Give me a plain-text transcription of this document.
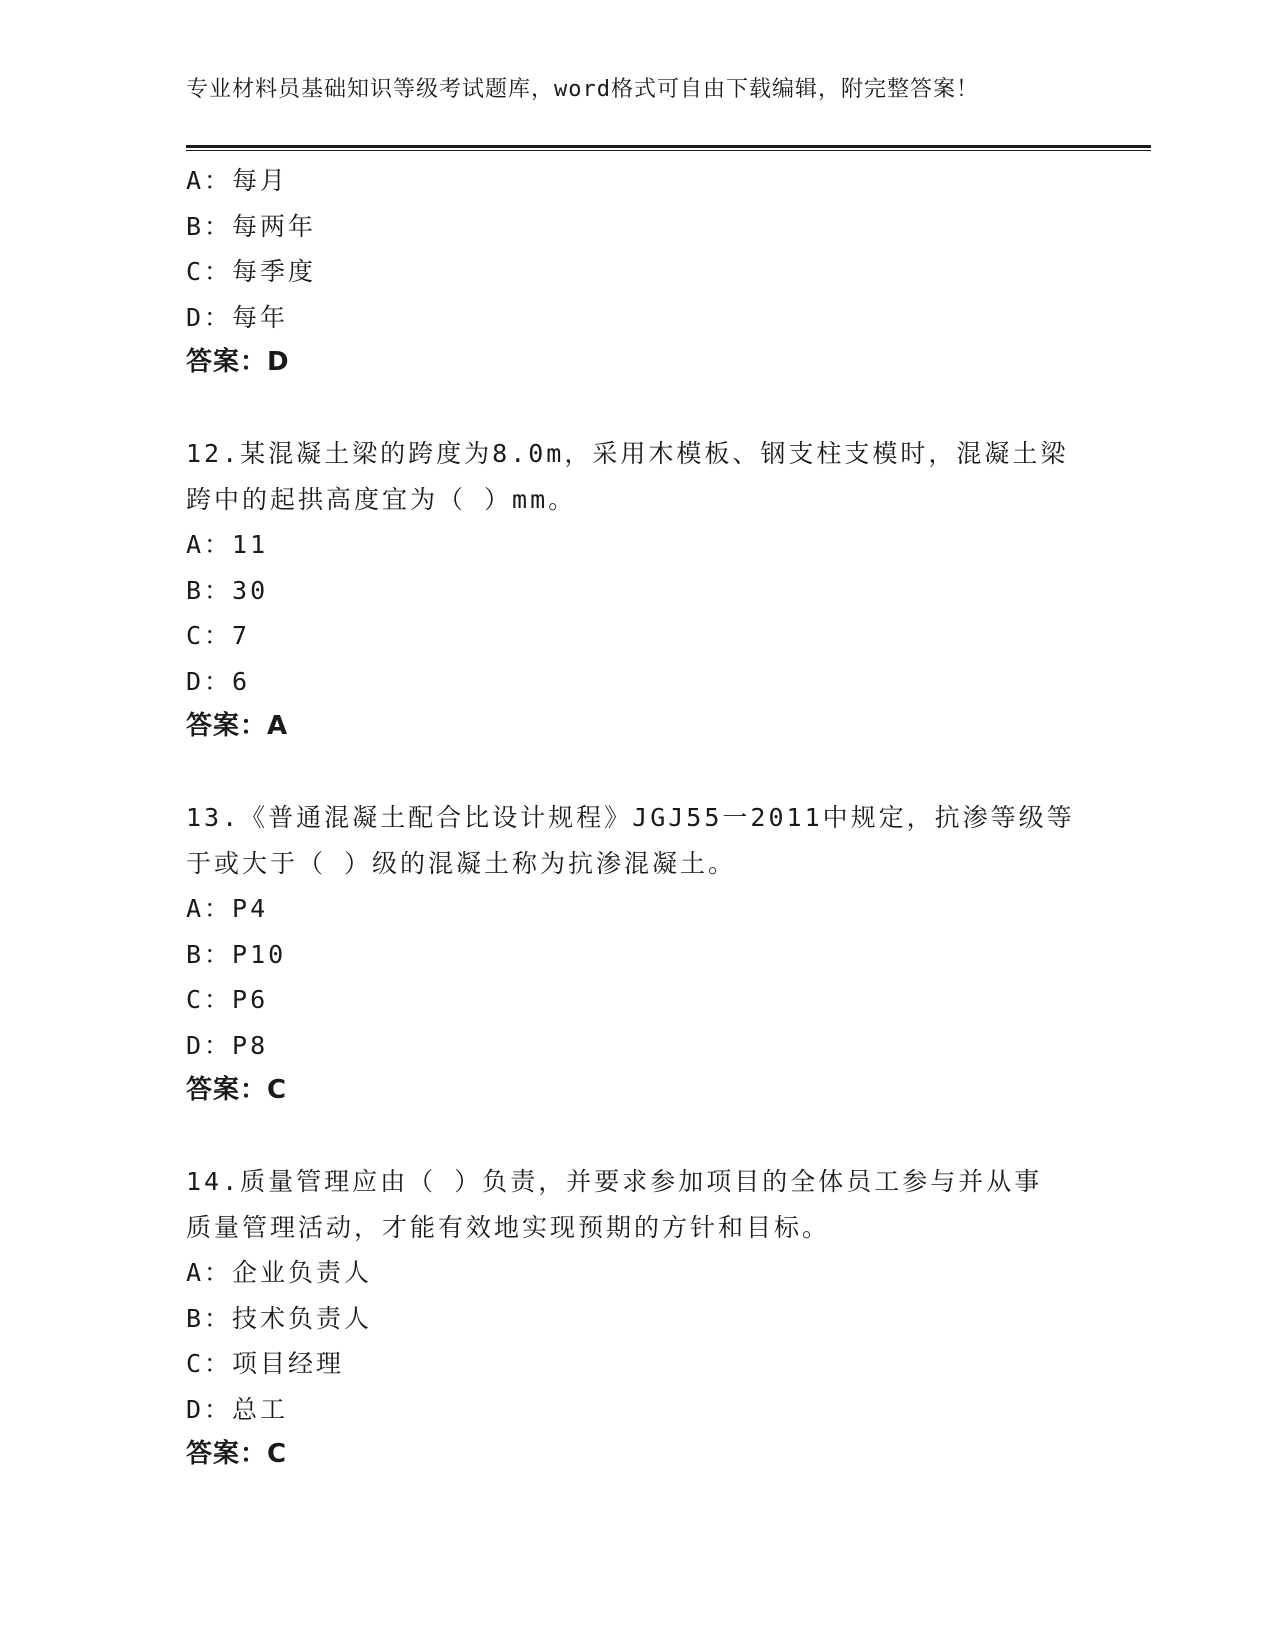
专业材料员基础知识等级考试题库，word格式可自由下载编辑，附完整答案！
A：每月
B：每两年
C：每季度
D：每年
答案：D
12.某混凝土梁的跨度为8.0m，采用木模板、钢支柱支模时，混凝土梁
跨中的起拱高度宜为（ ）mm。
A：11
B：30
C：7
D：6
答案：A
13.《普通混凝土配合比设计规程》JGJ55一2011中规定，抗渗等级等
于或大于（ ）级的混凝土称为抗渗混凝土。
A：P4
B：P10
C：P6
D：P8
答案：C
14.质量管理应由（ ）负责，并要求参加项目的全体员工参与并从事
质量管理活动，才能有效地实现预期的方针和目标。
A：企业负责人
B：技术负责人
C：项目经理
D：总工
答案：C
